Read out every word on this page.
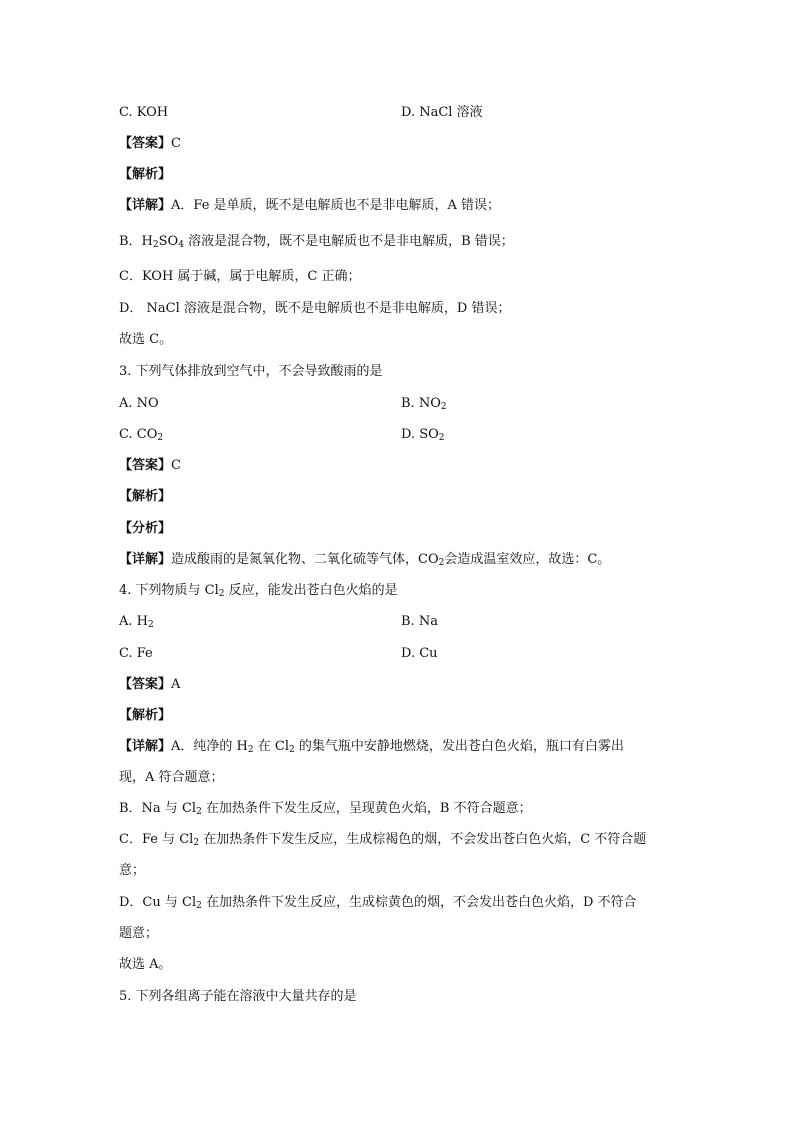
C. KOH	D. NaCl 溶液
【答案】C
【解析】
【详解】A．Fe 是单质，既不是电解质也不是非电解质，A 错误；
B．$H_2SO_4$ 溶液是混合物，既不是电解质也不是非电解质，B 错误；
C．KOH 属于碱，属于电解质，C 正确；
D． NaCl 溶液是混合物，既不是电解质也不是非电解质，D 错误；
故选 C。
3. 下列气体排放到空气中，不会导致酸雨的是
A. NO	B. $NO_2$
C. $CO_2$	D. $SO_2$
【答案】C
【解析】
【分析】
【详解】造成酸雨的是氮氧化物、二氧化硫等气体，$CO_2$会造成温室效应，故选：C。
4. 下列物质与 $Cl_2$ 反应，能发出苍白色火焰的是
A. $H_2$	B. Na
C. Fe	D. Cu
【答案】A
【解析】
【详解】A．纯净的 $H_2$ 在 $Cl_2$ 的集气瓶中安静地燃烧，发出苍白色火焰，瓶口有白雾出
现，A 符合题意；
B．Na 与 $Cl_2$ 在加热条件下发生反应，呈现黄色火焰，B 不符合题意；
C．Fe 与 $Cl_2$ 在加热条件下发生反应，生成棕褐色的烟，不会发出苍白色火焰，C 不符合题
意；
D．Cu 与 $Cl_2$ 在加热条件下发生反应，生成棕黄色的烟，不会发出苍白色火焰，D 不符合
题意；
故选 A。
5. 下列各组离子能在溶液中大量共存的是
